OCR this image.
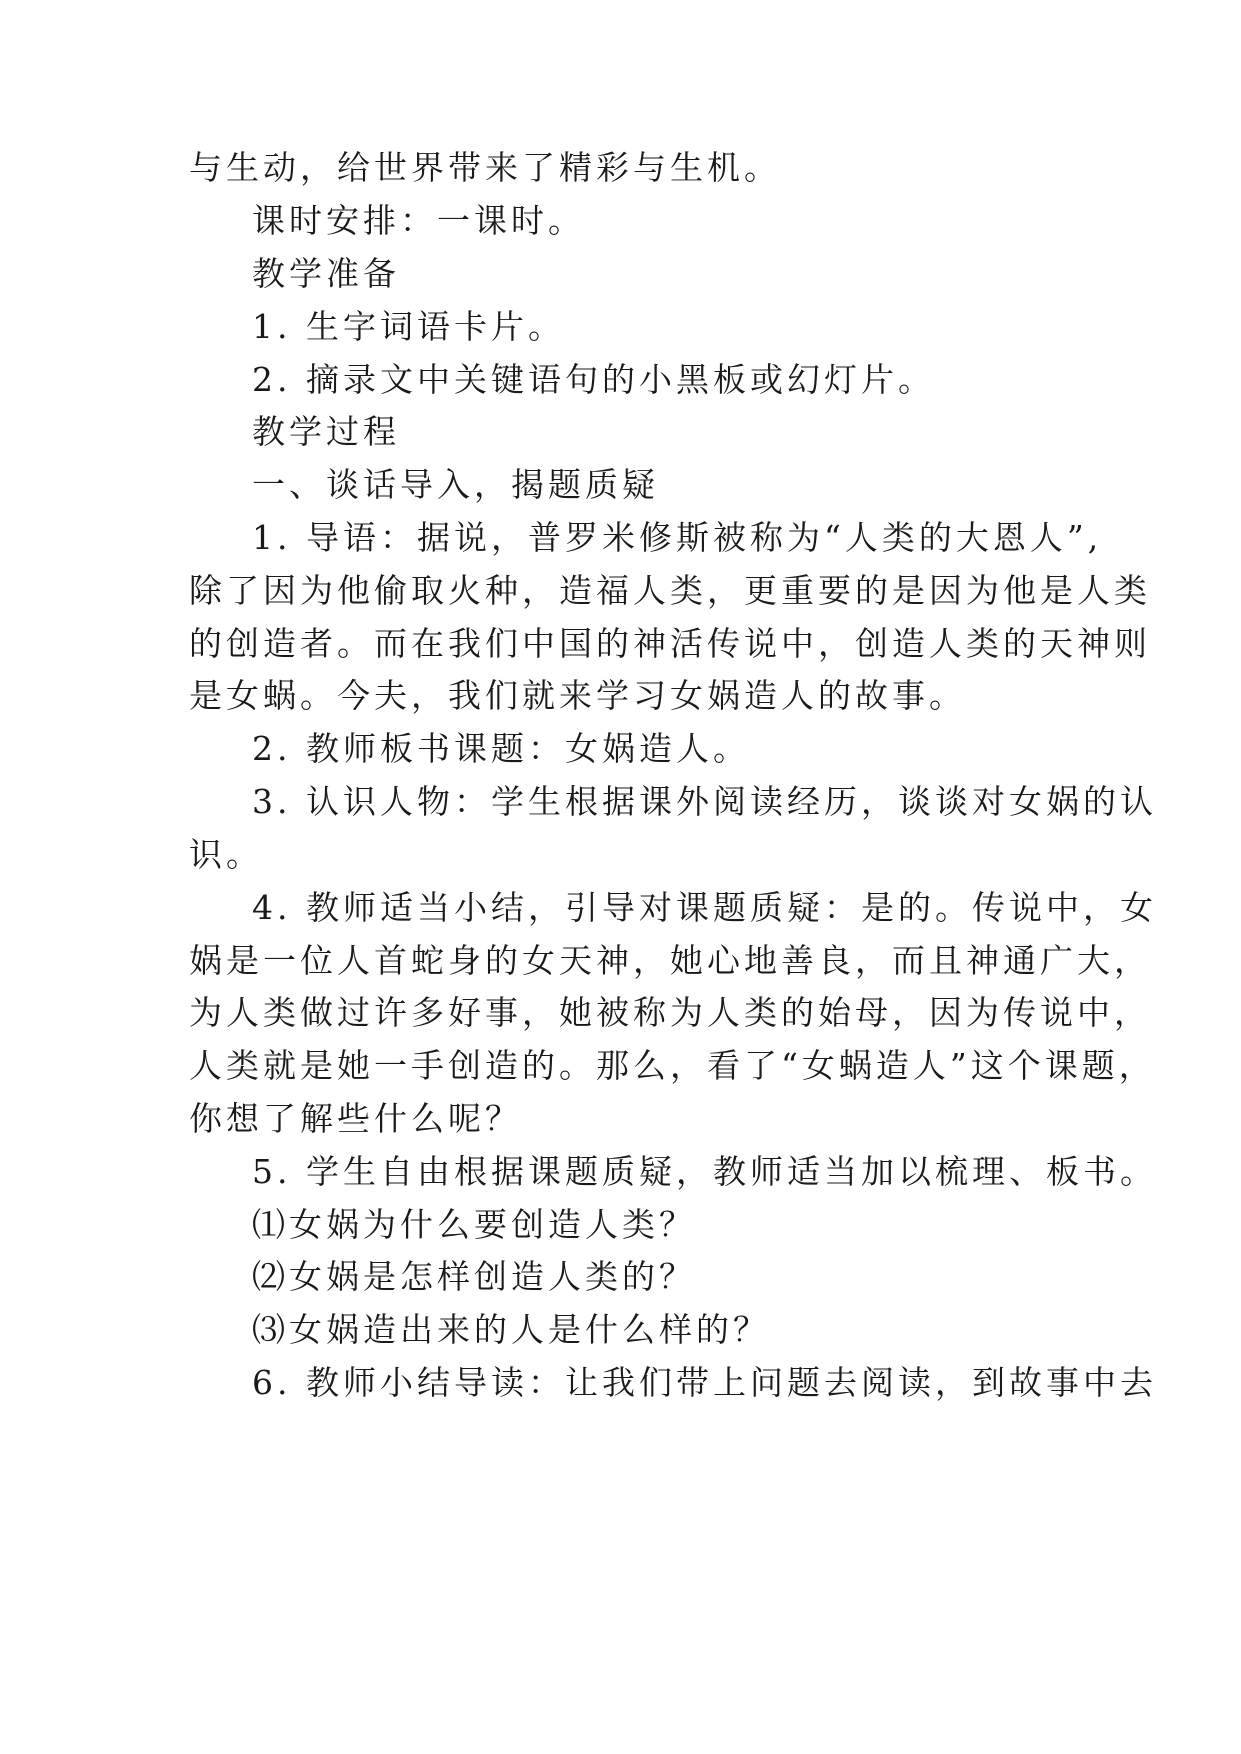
与生动，给世界带来了精彩与生机。
课时安排：一课时。
教学准备
1. 生字词语卡片。
2. 摘录文中关键语句的小黑板或幻灯片。
教学过程
一、谈话导入，揭题质疑
1. 导语：据说，普罗米修斯被称为“人类的大恩人”,
除了因为他偷取火种，造福人类，更重要的是因为他是人类
的创造者。而在我们中国的神活传说中，创造人类的天神则
是女蜗。今夫，我们就来学习女娲造人的故事。
2. 教师板书课题：女娲造人。
3. 认识人物：学生根据课外阅读经历，谈谈对女娲的认
识。
4. 教师适当小结，引导对课题质疑：是的。传说中，女
娲是一位人首蛇身的女天神，她心地善良，而且神通广大，
为人类做过许多好事，她被称为人类的始母，因为传说中，
人类就是她一手创造的。那么，看了“女蜗造人”这个课题，
你想了解些什么呢？
5. 学生自由根据课题质疑，教师适当加以梳理、板书。
⑴女娲为什么要创造人类？
⑵女娲是怎样创造人类的？
⑶女娲造出来的人是什么样的？
6. 教师小结导读：让我们带上问题去阅读，到故事中去
